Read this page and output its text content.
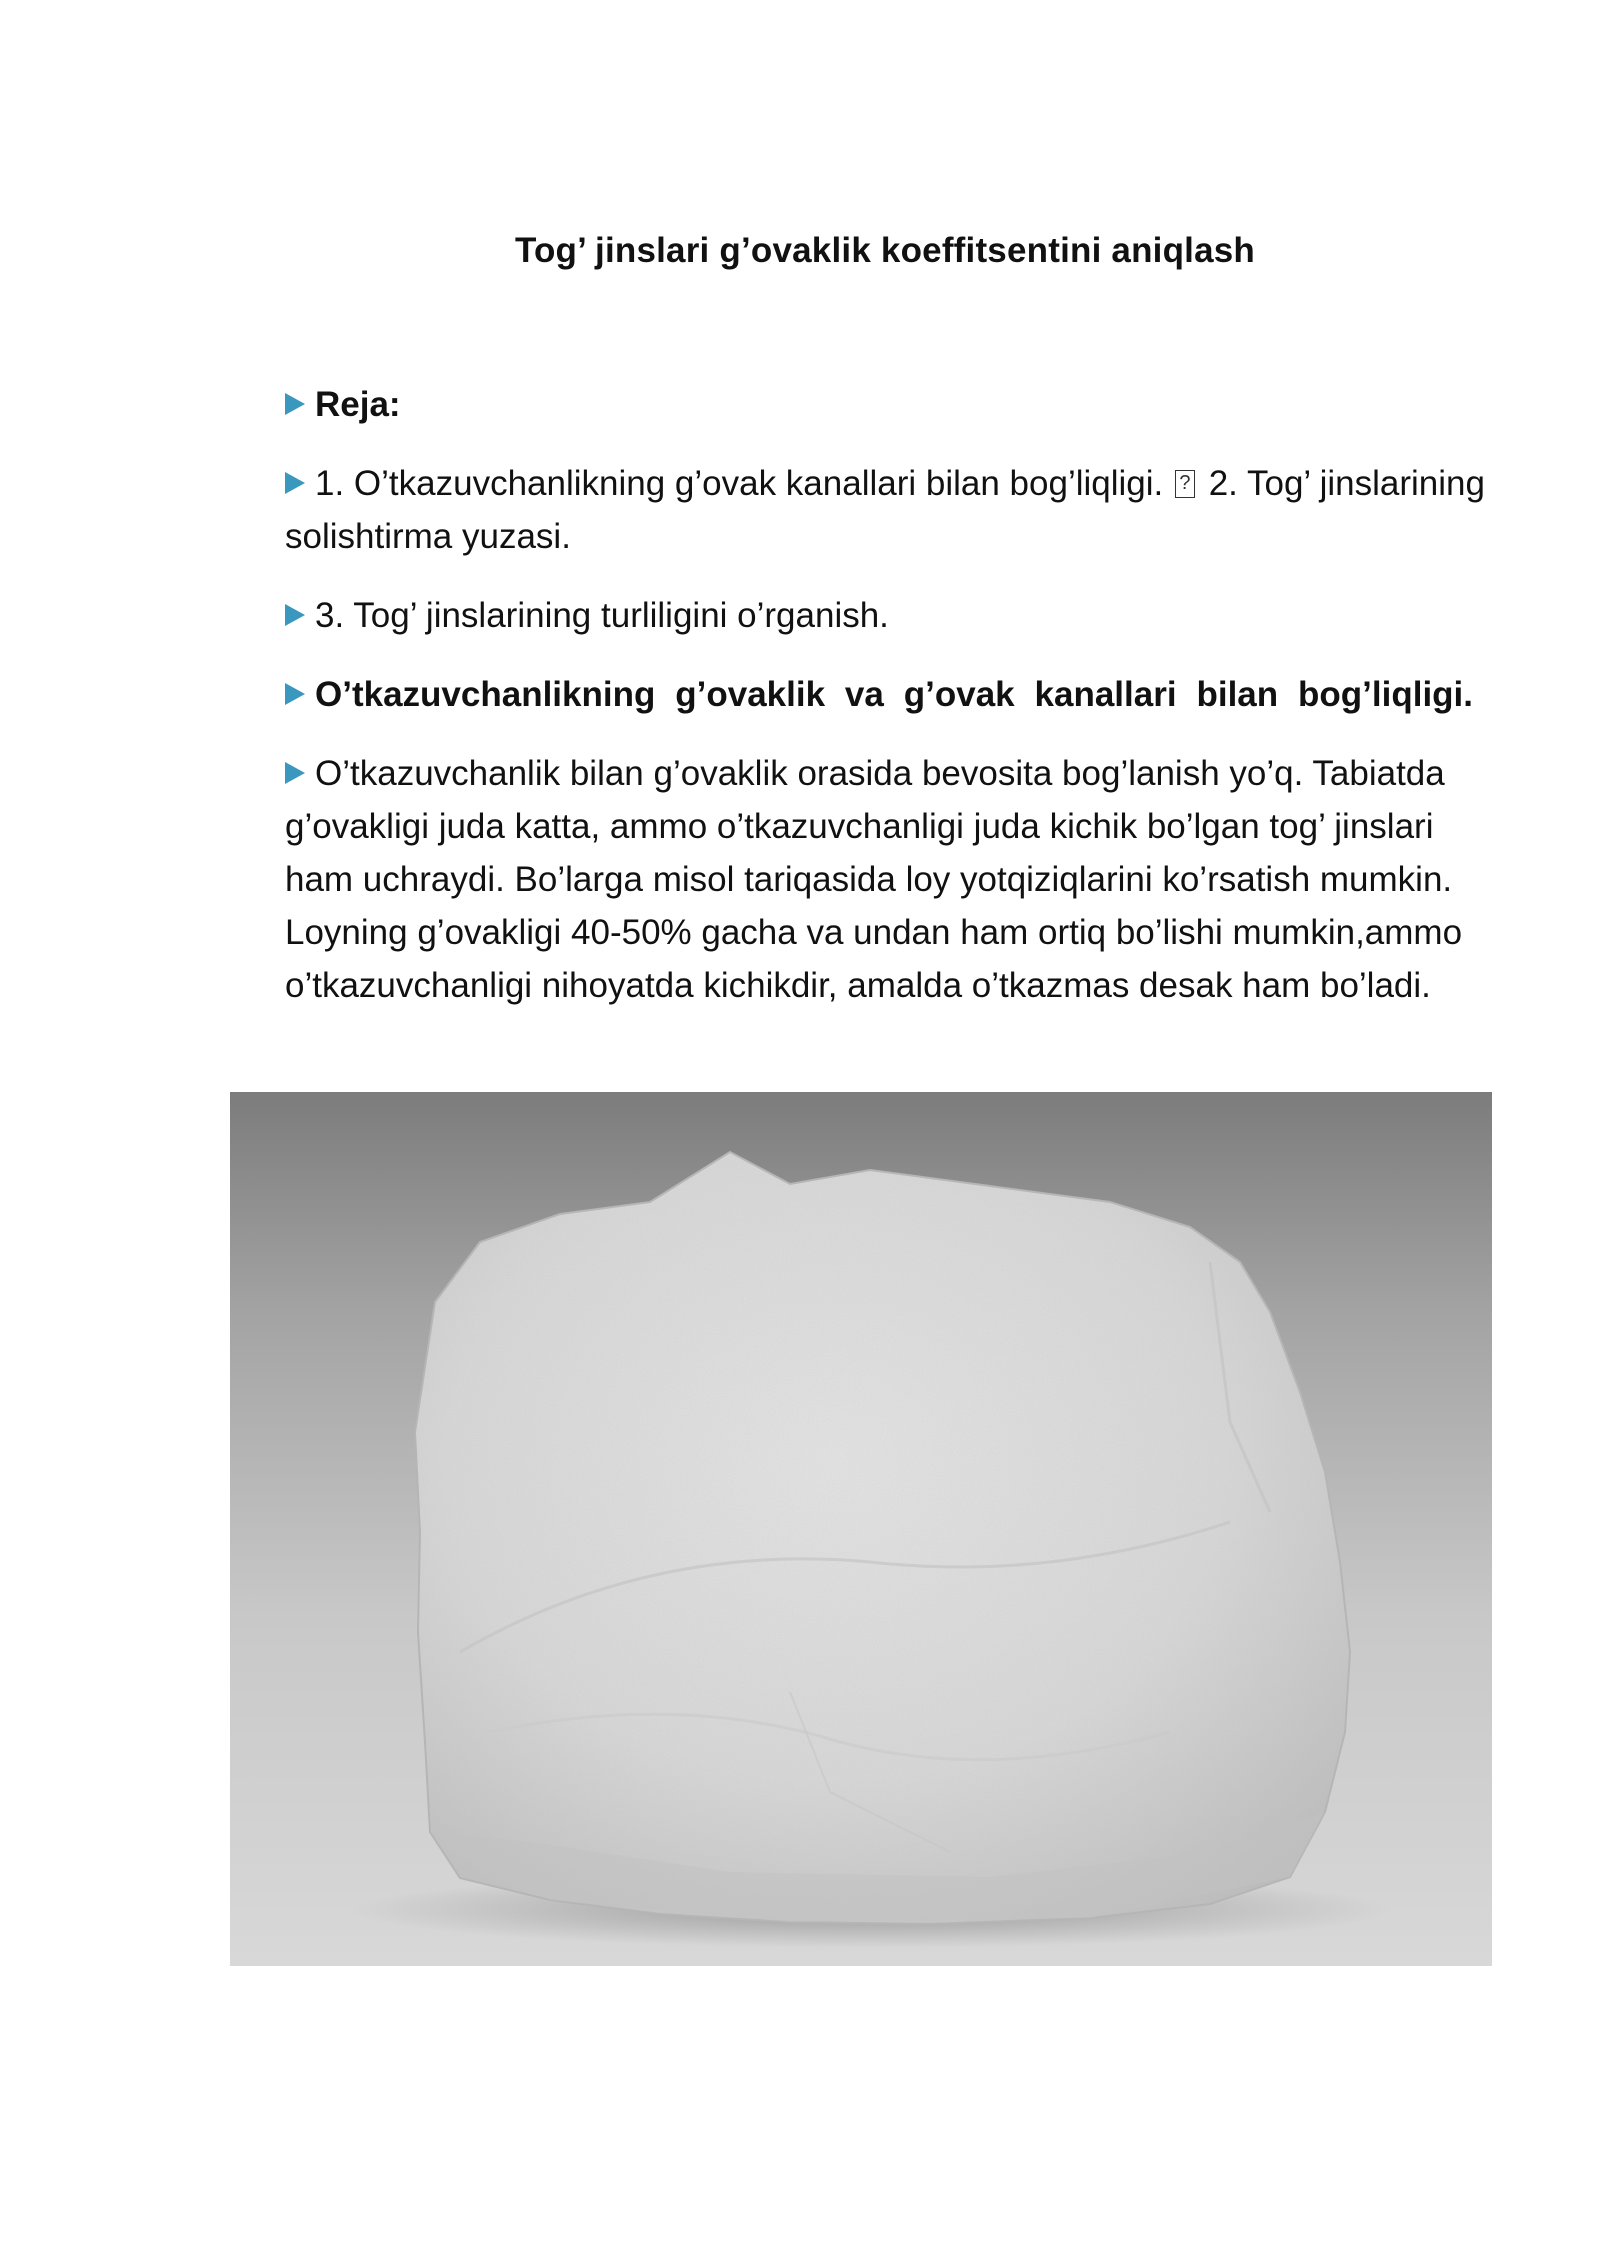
Tog’ jinslari g’ovaklik koeffitsentini aniqlash

Reja:

1. O’tkazuvchanlikning g’ovak kanallari bilan bog’liqligi. ? 2. Tog’ jinslarining solishtirma yuzasi.

3. Tog’ jinslarining turliligini o’rganish.

O’tkazuvchanlikning g’ovaklik va g’ovak kanallari bilan bog’liqligi.

O’tkazuvchanlik bilan g’ovaklik orasida bevosita bog’lanish yo’q. Tabiatda g’ovakligi juda katta, ammo o’tkazuvchanligi juda kichik bo’lgan tog’ jinslari ham uchraydi. Bo’larga misol tariqasida loy yotqiziqlarini ko’rsatish mumkin. Loyning g’ovakligi 40-50% gacha va undan ham ortiq bo’lishi mumkin,ammo o’tkazuvchanligi nihoyatda kichikdir, amalda o’tkazmas desak ham bo’ladi.
